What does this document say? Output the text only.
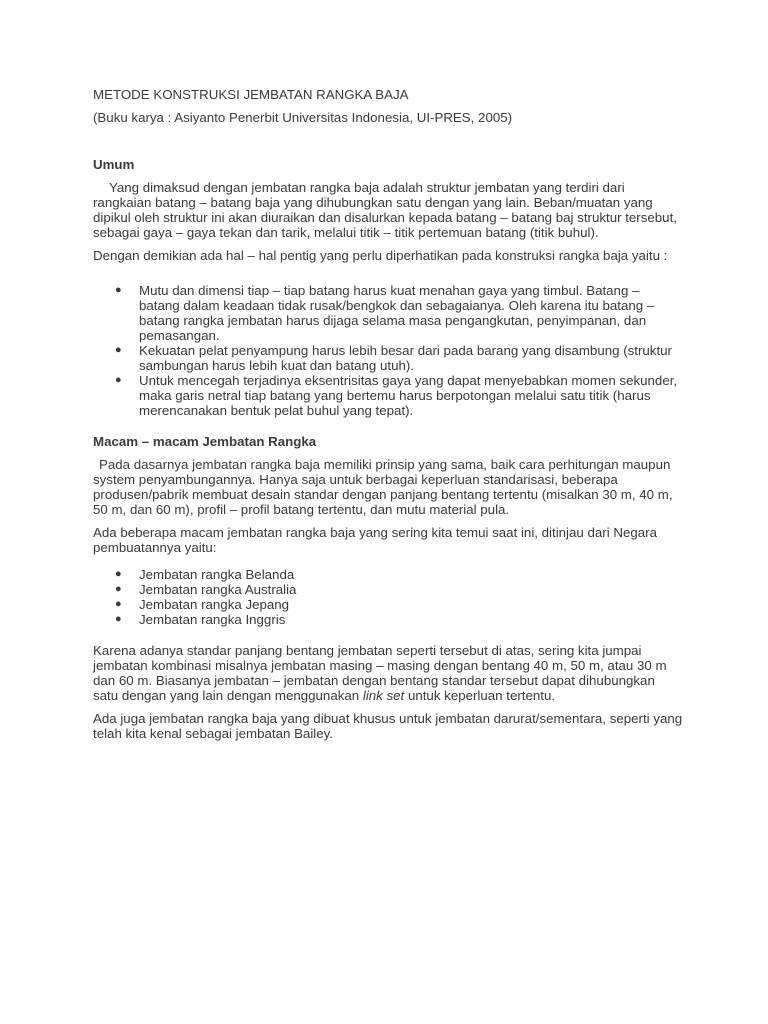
METODE KONSTRUKSI JEMBATAN RANGKA BAJA

(Buku karya : Asiyanto Penerbit Universitas Indonesia, UI-PRES, 2005)

Umum

Yang dimaksud dengan jembatan rangka baja adalah struktur jembatan yang terdiri dari rangkaian batang – batang baja yang dihubungkan satu dengan yang lain. Beban/muatan yang dipikul oleh struktur ini akan diuraikan dan disalurkan kepada batang – batang baj struktur tersebut, sebagai gaya – gaya tekan dan tarik, melalui titik – titik pertemuan batang (titik buhul).

Dengan demikian ada hal – hal pentig yang perlu diperhatikan pada konstruksi rangka baja yaitu :

● Mutu dan dimensi tiap – tiap batang harus kuat menahan gaya yang timbul. Batang – batang dalam keadaan tidak rusak/bengkok dan sebagaianya. Oleh karena itu batang – batang rangka jembatan harus dijaga selama masa pengangkutan, penyimpanan, dan pemasangan.
● Kekuatan pelat penyampung harus lebih besar dari pada barang yang disambung (struktur sambungan harus lebih kuat dan batang utuh).
● Untuk mencegah terjadinya eksentrisitas gaya yang dapat menyebabkan momen sekunder, maka garis netral tiap batang yang bertemu harus berpotongan melalui satu titik (harus merencanakan bentuk pelat buhul yang tepat).

Macam – macam Jembatan Rangka

Pada dasarnya jembatan rangka baja memiliki prinsip yang sama, baik cara perhitungan maupun system penyambungannya. Hanya saja untuk berbagai keperluan standarisasi, beberapa produsen/pabrik membuat desain standar dengan panjang bentang tertentu (misalkan 30 m, 40 m, 50 m, dan 60 m), profil – profil batang tertentu, dan mutu material pula.

Ada beberapa macam jembatan rangka baja yang sering kita temui saat ini, ditinjau dari Negara pembuatannya yaitu:

● Jembatan rangka Belanda
● Jembatan rangka Australia
● Jembatan rangka Jepang
● Jembatan rangka Inggris

Karena adanya standar panjang bentang jembatan seperti tersebut di atas, sering kita jumpai jembatan kombinasi misalnya jembatan masing – masing dengan bentang 40 m, 50 m, atau 30 m dan 60 m. Biasanya jembatan – jembatan dengan bentang standar tersebut dapat dihubungkan satu dengan yang lain dengan menggunakan link set untuk keperluan tertentu.

Ada juga jembatan rangka baja yang dibuat khusus untuk jembatan darurat/sementara, seperti yang telah kita kenal sebagai jembatan Bailey.
